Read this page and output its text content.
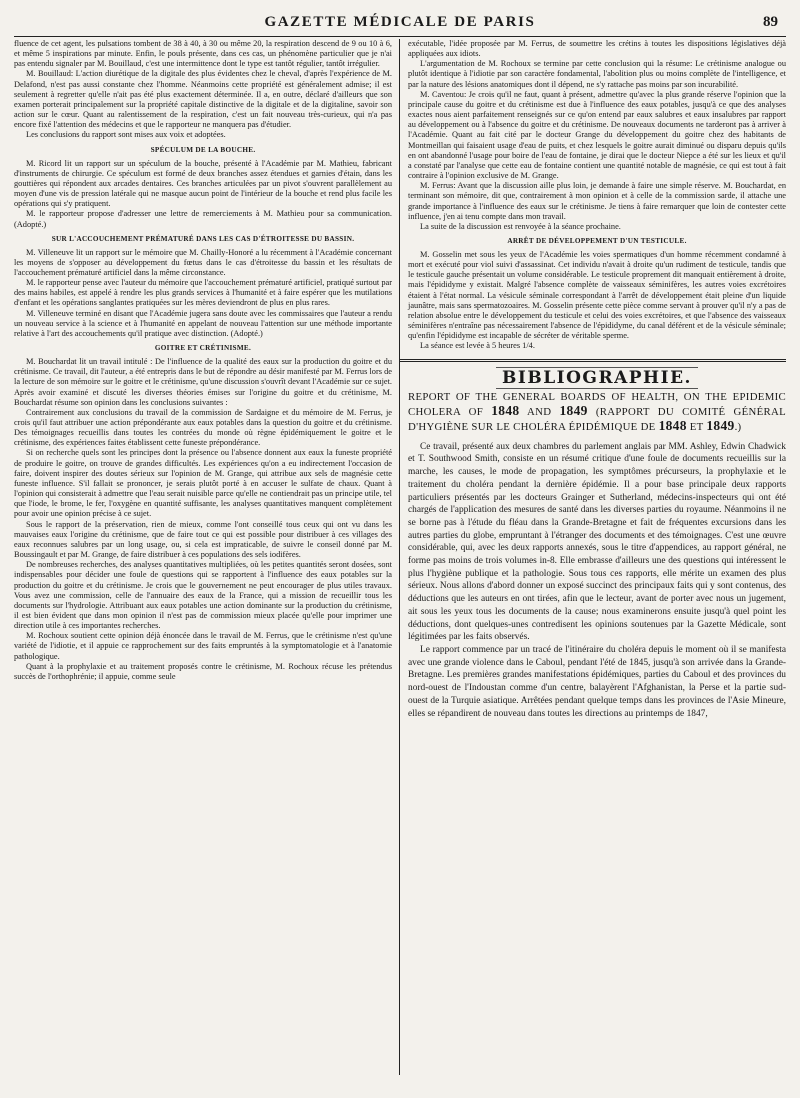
GAZETTE MÉDICALE DE PARIS	89

fluence de cet agent, les pulsations tombent de 38 à 40, à 30 ou même 20, la respiration descend de 9 ou 10 à 6, et même 5 inspirations par minute. Enfin, le pouls présente, dans ces cas, un phénomène particulier que je n'ai pas entendu signaler par M. Bouillaud, c'est une intermittence dont le type est tantôt régulier, tantôt irrégulier.

M. Bouillaud: L'action diurétique de la digitale des plus évidentes chez le cheval, d'après l'expérience de M. Delafond, n'est pas aussi constante chez l'homme. Néanmoins cette propriété est généralement admise; il est seulement à regretter qu'elle n'ait pas été plus exactement déterminée. Il a, en outre, déclaré d'ailleurs que son examen porterait principalement sur la propriété capitale distinctive de la digitale et de la digitaline, savoir son action sur le cœur. Quant au ralentissement de la respiration, c'est un fait nouveau très-curieux, qui n'a pas encore fixé l'attention des médecins et que le rapporteur ne manquera pas d'étudier.

Les conclusions du rapport sont mises aux voix et adoptées.

SPÉCULUM DE LA BOUCHE.

M. Ricord lit un rapport sur un spéculum de la bouche, présenté à l'Académie par M. Mathieu, fabricant d'instruments de chirurgie. Ce spéculum est formé de deux branches assez étendues et garnies d'étain, dans les gouttières qui répondent aux arcades dentaires. Ces branches articulées par un pivot s'ouvrent parallèlement au moyen d'une vis de pression latérale qui ne masque aucun point de l'intérieur de la bouche et rend plus facile les opérations qui s'y pratiquent.

M. le rapporteur propose d'adresser une lettre de remerciements à M. Mathieu pour sa communication. (Adopté.)

SUR L'ACCOUCHEMENT PRÉMATURÉ DANS LES CAS D'ÉTROITESSE DU BASSIN.

M. Villeneuve lit un rapport sur le mémoire que M. Chailly-Honoré a lu récemment à l'Académie concernant les moyens de s'opposer au développement du fœtus dans le cas d'étroitesse du bassin et les résultats de l'accouchement prématuré artificiel dans la même circonstance.

M. le rapporteur pense avec l'auteur du mémoire que l'accouchement prématuré artificiel, pratiqué surtout par des mains habiles, est appelé à rendre les plus grands services à l'humanité et à faire espérer que les mutilations d'enfant et les opérations sanglantes pratiquées sur les mères deviendront de plus en plus rares.

M. Villeneuve terminé en disant que l'Académie jugera sans doute avec les commissaires que l'auteur a rendu un nouveau service à la science et à l'humanité en appelant de nouveau l'attention sur une méthode importante relative à l'art des accouchements qu'il pratique avec distinction. (Adopté.)

GOITRE ET CRÉTINISME.

M. Bouchardat lit un travail intitulé : De l'influence de la qualité des eaux sur la production du goitre et du crétinisme. Ce travail, dit l'auteur, a été entrepris dans le but de répondre au désir manifesté par M. Ferrus lors de la lecture de son mémoire sur le goitre et le crétinisme, qu'une discussion s'ouvrît devant l'Académie sur ce sujet. Après avoir examiné et discuté les diverses théories émises sur l'origine du goitre et du crétinisme, M. Bouchardat résume son opinion dans les conclusions suivantes :

Contrairement aux conclusions du travail de la commission de Sardaigne et du mémoire de M. Ferrus, je crois qu'il faut attribuer une action prépondérante aux eaux potables dans la question du goitre et du crétinisme. Des témoignages recueillis dans toutes les contrées du monde où règne épidémiquement le goitre et le crétinisme, des expériences faites établissent cette funeste prépondérance.

Si on recherche quels sont les principes dont la présence ou l'absence donnent aux eaux la funeste propriété de produire le goitre, on trouve de grandes difficultés. Les expériences qu'on a eu indirectement l'occasion de faire, doivent inspirer des doutes sérieux sur l'opinion de M. Grange, qui attribue aux sels de magnésie cette funeste influence. S'il fallait se prononcer, je serais plutôt porté à en accuser le sulfate de chaux. Quant à l'opinion qui consisterait à admettre que l'eau serait nuisible parce qu'elle ne contiendrait pas un principe utile, tel que l'iode, le brome, le fer, l'oxygène en quantité suffisante, les analyses quantitatives manquent complètement pour avoir une opinion précise à ce sujet.

Sous le rapport de la préservation, rien de mieux, comme l'ont conseillé tous ceux qui ont vu dans les mauvaises eaux l'origine du crétinisme, que de faire tout ce qui est possible pour distribuer à ces villages des eaux reconnues salubres par un long usage, ou, si cela est impraticable, de suivre le conseil donné par M. Boussingault et par M. Grange, de faire distribuer à ces populations des sels iodifères.

De nombreuses recherches, des analyses quantitatives multipliées, où les petites quantités seront dosées, sont indispensables pour décider une foule de questions qui se rapportent à l'influence des eaux potables sur la production du goitre et du crétinisme. Je crois que le gouvernement ne peut encourager de plus utiles travaux. Vous avez une commission, celle de l'annuaire des eaux de la France, qui a mission de recueillir tous les documents sur l'hydrologie. Attribuant aux eaux potables une action dominante sur la production du crétinisme, il est bien évident que dans mon opinion il n'est pas de commission mieux placée qu'elle pour imprimer une direction utile à ces importantes recherches.

M. Rochoux soutient cette opinion déjà énoncée dans le travail de M. Ferrus, que le crétinisme n'est qu'une variété de l'idiotie, et il appuie ce rapprochement sur des faits empruntés à la symptomatologie et à l'anatomie pathologique.

Quant à la prophylaxie et au traitement proposés contre le crétinisme, M. Rochoux récuse les prétendus succès de l'orthophrénie; il appuie, comme seule

exécutable, l'idée proposée par M. Ferrus, de soumettre les crétins à toutes les dispositions législatives déjà appliquées aux idiots.

L'argumentation de M. Rochoux se termine par cette conclusion qui la résume: Le crétinisme analogue ou plutôt identique à l'idiotie par son caractère fondamental, l'abolition plus ou moins complète de l'intelligence, et par la nature des lésions anatomiques dont il dépend, ne s'y rattache pas moins par son incurabilité.

M. Caventou: Je crois qu'il ne faut, quant à présent, admettre qu'avec la plus grande réserve l'opinion que la principale cause du goitre et du crétinisme est due à l'influence des eaux potables, jusqu'à ce que des analyses exactes nous aient parfaitement renseignés sur ce qu'on entend par eaux salubres et eaux insalubres par rapport au développement ou à l'absence du goitre et du crétinisme. De nouveaux documents ne tarderont pas à arriver à l'Académie. Quant au fait cité par le docteur Grange du développement du goitre chez des habitants de Montmeillan qui faisaient usage d'eau de puits, et chez lesquels le goitre aurait diminué ou disparu depuis qu'ils en ont abandonné l'usage pour boire de l'eau de fontaine, je dirai que le docteur Niepce a été sur les lieux et qu'il a constaté par l'analyse que cette eau de fontaine contient une quantité notable de magnésie, ce qui est tout à fait contraire à l'opinion exclusive de M. Grange.

M. Ferrus: Avant que la discussion aille plus loin, je demande à faire une simple réserve. M. Bouchardat, en terminant son mémoire, dit que, contrairement à mon opinion et à celle de la commission sarde, il attache une grande importance à l'influence des eaux sur le crétinisme. Je tiens à faire remarquer que loin de contester cette influence, j'en ai tenu compte dans mon travail.

La suite de la discussion est renvoyée à la séance prochaine.

ARRÊT DE DÉVELOPPEMENT D'UN TESTICULE.

M. Gosselin met sous les yeux de l'Académie les voies spermatiques d'un homme récemment condamné à mort et exécuté pour viol suivi d'assassinat. Cet individu n'avait à droite qu'un rudiment de testicule, tandis que le testicule gauche présentait un volume considérable. Le testicule proprement dit manquait entièrement à droite, mais l'épididyme y existait. Malgré l'absence complète de vaisseaux séminifères, les autres voies excrétoires étaient à l'état normal. La vésicule séminale correspondant à l'arrêt de développement était pleine d'un liquide jaunâtre, mais sans spermatozoaires. M. Gosselin présente cette pièce comme servant à prouver qu'il n'y a pas de relation absolue entre le développement du testicule et celui des voies excrétoires, et que l'absence des vaisseaux séminifères n'entraîne pas nécessairement l'absence de l'épididyme, du canal déférent et de la vésicule séminale; qu'enfin l'épididyme est incapable de sécréter de véritable sperme.

La séance est levée à 5 heures 1/4.

BIBLIOGRAPHIE.
REPORT OF THE GENERAL BOARDS OF HEALTH, ON THE EPIDEMIC CHOLERA OF 1848 AND 1849 (RAPPORT DU COMITÉ GÉNÉRAL D'HYGIÈNE SUR LE CHOLÉRA ÉPIDÉMIQUE DE 1848 ET 1849.)

Ce travail, présenté aux deux chambres du parlement anglais par MM. Ashley, Edwin Chadwick et T. Southwood Smith, consiste en un résumé critique d'une foule de documents recueillis sur la marche, les causes, le mode de propagation, les symptômes précurseurs, la prophylaxie et le traitement du choléra pendant la dernière épidémie. Il a pour base principale deux rapports particuliers présentés par les docteurs Grainger et Sutherland, médecins-inspecteurs qui ont été chargés de l'application des mesures de santé dans les diverses parties du royaume. Néanmoins il ne se borne pas à l'étude du fléau dans la Grande-Bretagne et fait de fréquentes excursions dans les autres parties du globe, empruntant à l'étranger des documents et des témoignages. C'est une œuvre considérable, qui, avec les deux rapports annexés, sous le titre d'appendices, au rapport général, ne forme pas moins de trois volumes in-8. Elle embrasse d'ailleurs une des questions qui intéressent le plus l'hygiène publique et la pathologie. Sous tous ces rapports, elle mérite un examen des plus sérieux. Nous allons d'abord donner un exposé succinct des principaux faits qui y sont contenus, des déductions que les auteurs en ont tirées, afin que le lecteur, avant de porter avec nous un jugement, ait sous les yeux tous les documents de la cause; nous examinerons ensuite jusqu'à quel point les déductions, dont quelques-unes contredisent les opinions soutenues par la Gazette Médicale, sont légitimées par les faits observés.

Le rapport commence par un tracé de l'itinéraire du choléra depuis le moment où il se manifesta avec une grande violence dans le Caboul, pendant l'été de 1845, jusqu'à son arrivée dans la Grande-Bretagne. Les premières grandes manifestations épidémiques, parties du Caboul et des provinces du nord-ouest de l'Indoustan comme d'un centre, balayèrent l'Afghanistan, la Perse et la partie sud-ouest de la Turquie asiatique. Arrêtées pendant quelque temps dans les provinces de l'Asie Mineure, elles se répandirent de nouveau dans toutes les directions au printemps de 1847,
